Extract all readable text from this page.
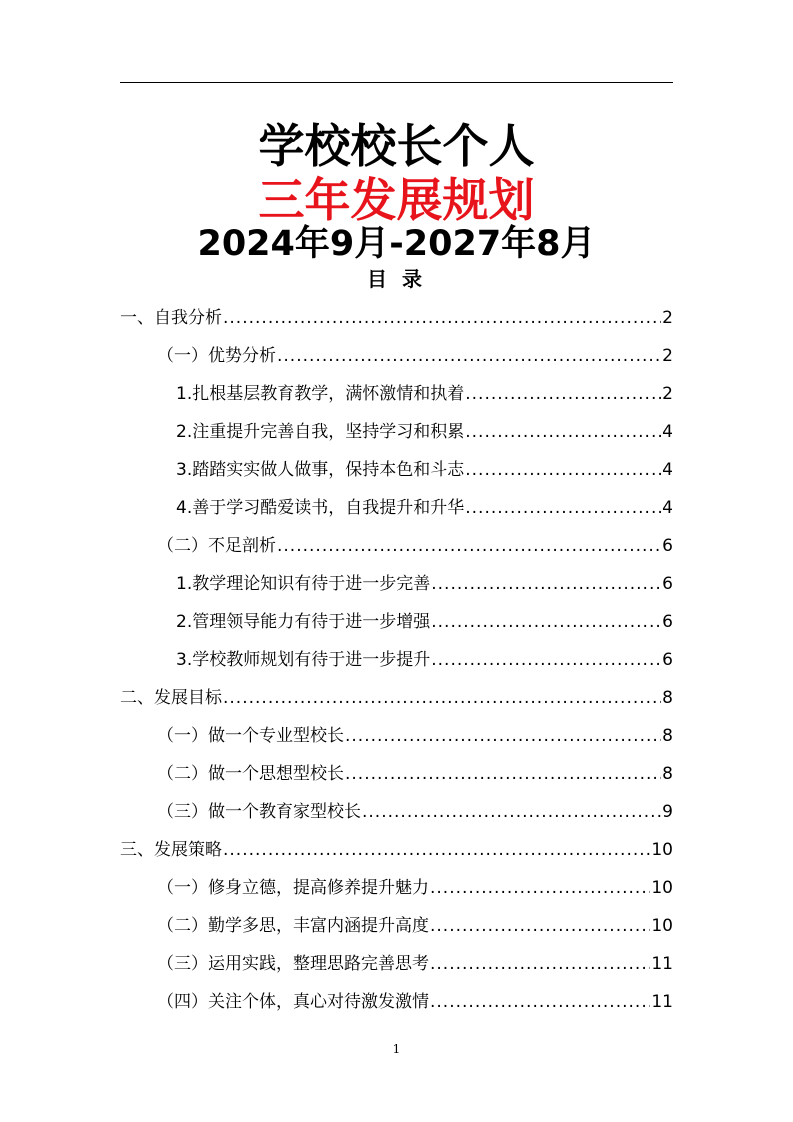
学校校长个人
三年发展规划
2024年9月-2027年8月
目 录
一、自我分析 .....	2
（一）优势分析 .....	2
1.扎根基层教育教学，满怀激情和执着 .....	2
2.注重提升完善自我，坚持学习和积累 .....	4
3.踏踏实实做人做事，保持本色和斗志 .....	4
4.善于学习酷爱读书，自我提升和升华 .....	4
（二）不足剖析 .....	6
1.教学理论知识有待于进一步完善 .....	6
2.管理领导能力有待于进一步增强 .....	6
3.学校教师规划有待于进一步提升 .....	6
二、发展目标 .....	8
（一）做一个专业型校长 .....	8
（二）做一个思想型校长 .....	8
（三）做一个教育家型校长 .....	9
三、发展策略 .....	10
（一）修身立德，提高修养提升魅力 .....	10
（二）勤学多思，丰富内涵提升高度 .....	10
（三）运用实践，整理思路完善思考 .....	11
（四）关注个体，真心对待激发激情 .....	11
1
